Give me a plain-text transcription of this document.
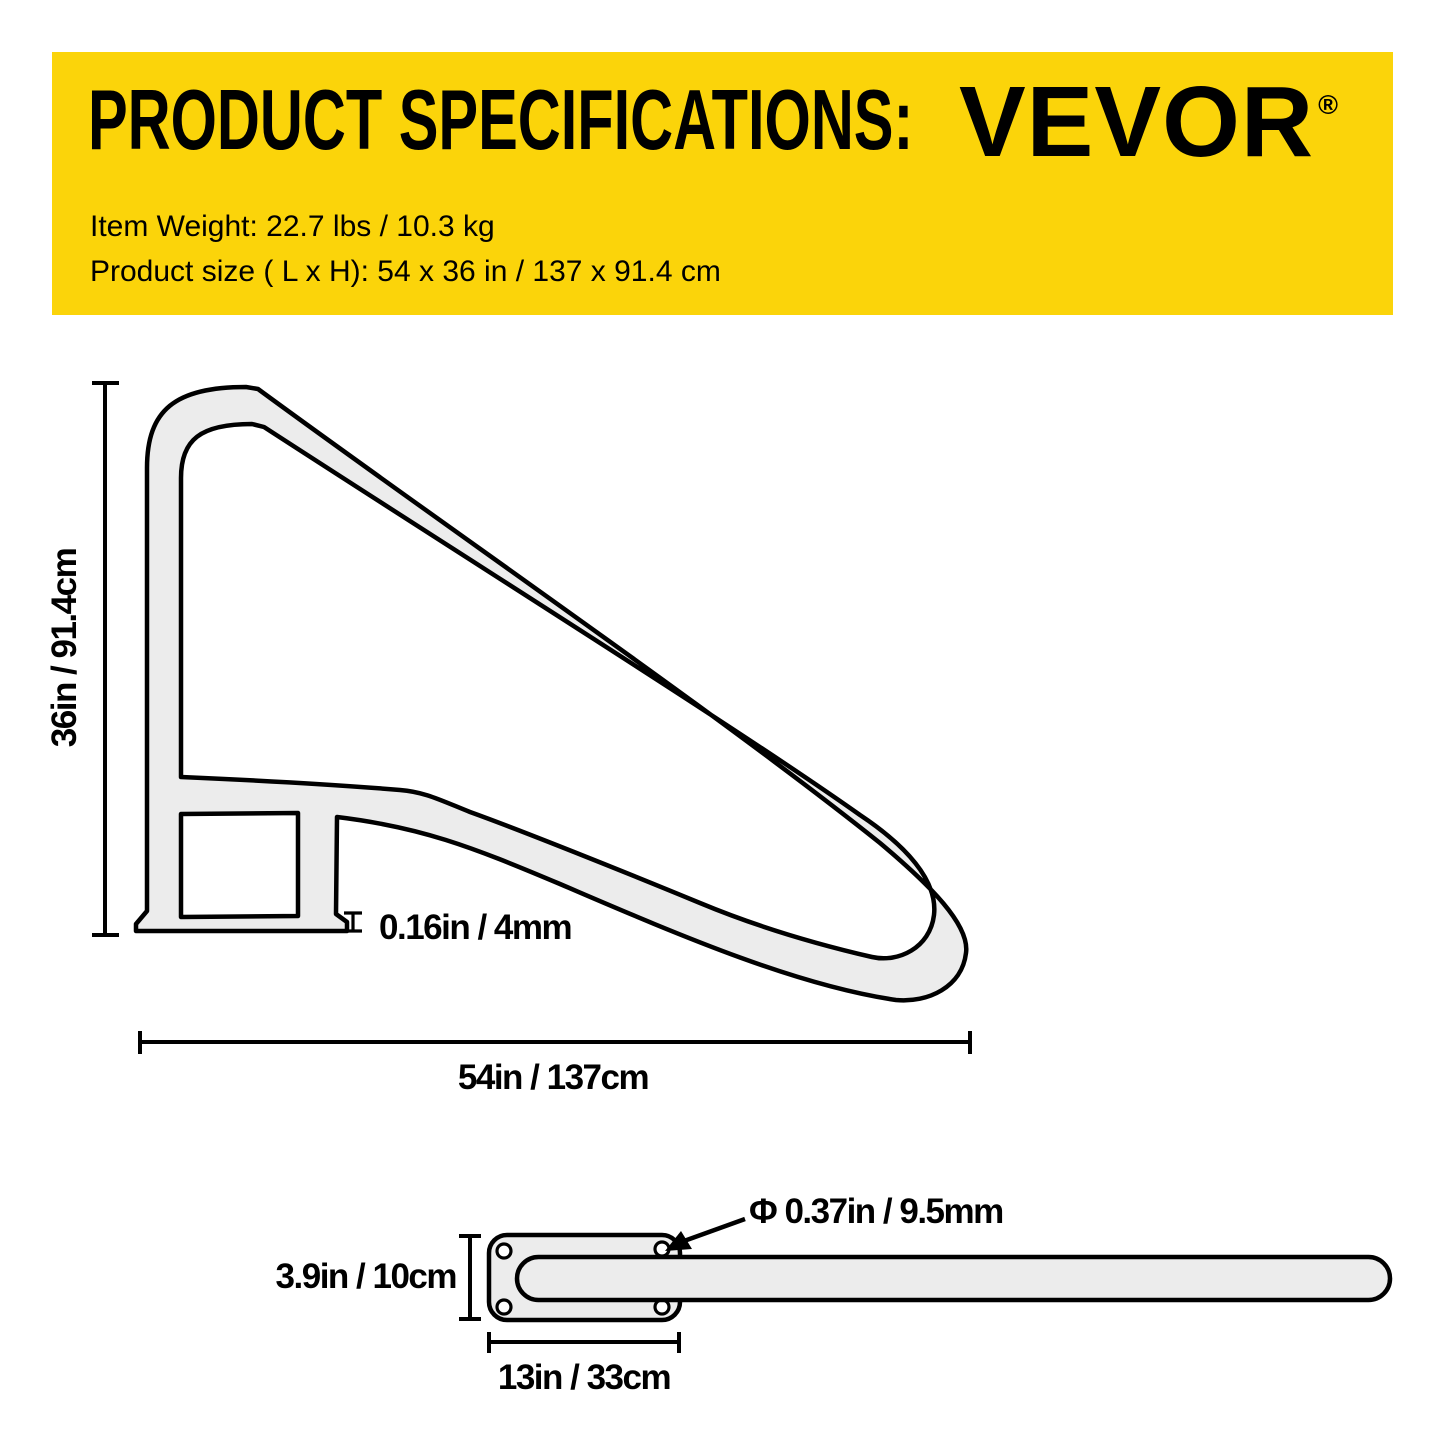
PRODUCT SPECIFICATIONS: VEVOR ®
Item Weight: 22.7 lbs / 10.3 kg
Product size ( L x H): 54 x 36 in / 137 x 91.4 cm
36in / 91.4cm
0.16in / 4mm
54in / 137cm
Φ 0.37in / 9.5mm
3.9in / 10cm
13in / 33cm
